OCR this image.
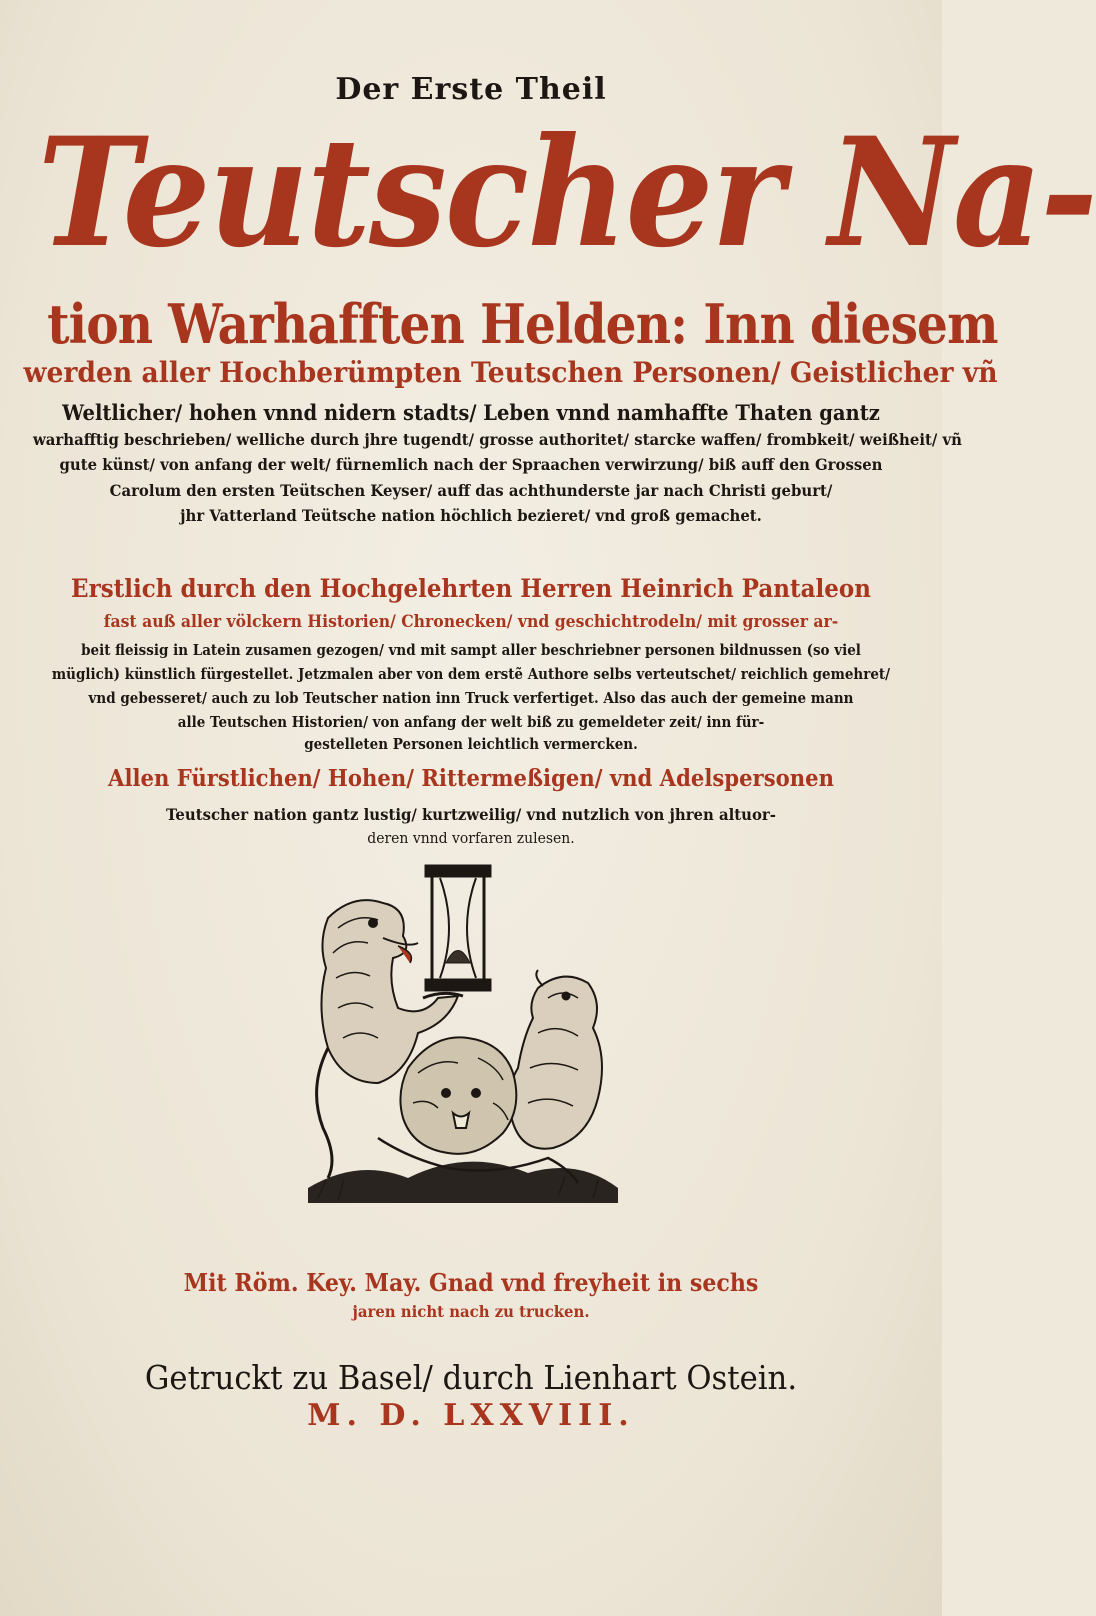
Der Erste Theil
Teutscher Na-
tion Warhafften Helden: Inn diesem
werden aller Hochberümpten Teutschen Personen/ Geistlicher vñ
Weltlicher/ hohen vnnd nidern stadts/ Leben vnnd namhaffte Thaten gantz
warhafftig beschrieben/ welliche durch jhre tugendt/ grosse authoritet/ starcke waffen/ frombkeit/ weißheit/ vñ
gute künst/ von anfang der welt/ fürnemlich nach der Spraachen verwirzung/ biß auff den Grossen
Carolum den ersten Teütschen Keyser/ auff das achthunderste jar nach Christi geburt/
jhr Vatterland Teütsche nation höchlich bezieret/ vnd groß gemachet.
Erstlich durch den Hochgelehrten Herren Heinrich Pantaleon
fast auß aller völckern Historien/ Chronecken/ vnd geschichtrodeln/ mit grosser ar-
beit fleissig in Latein zusamen gezogen/ vnd mit sampt aller beschriebner personen bildnussen (so viel
müglich) künstlich fürgestellet. Jetzmalen aber von dem erstẽ Authore selbs verteutschet/ reichlich gemehret/
vnd gebesseret/ auch zu lob Teutscher nation inn Truck verfertiget. Also das auch der gemeine mann
alle Teutschen Historien/ von anfang der welt biß zu gemeldeter zeit/ inn für-
gestelleten Personen leichtlich vermercken.
Allen Fürstlichen/ Hohen/ Rittermeßigen/ vnd Adelspersonen
Teutscher nation gantz lustig/ kurtzweilig/ vnd nutzlich von jhren altuor-
deren vnnd vorfaren zulesen.
Mit Röm. Key. May. Gnad vnd freyheit in sechs
jaren nicht nach zu trucken.
Getruckt zu Basel/ durch Lienhart Ostein.
M. D. LXXVIII.
